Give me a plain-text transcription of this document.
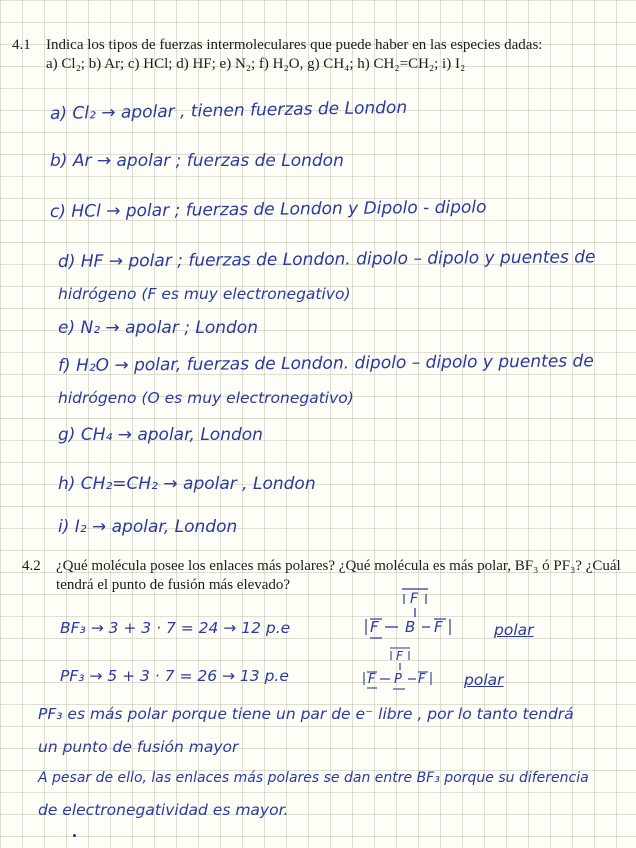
4.1 Indica los tipos de fuerzas intermoleculares que puede haber en las especies dadas:
a) Cl₂; b) Ar; c) HCl; d) HF; e) N₂; f) H₂O, g) CH₄; h) CH₂=CH₂; i) I₂
a) Cl₂ → apolar , tienen fuerzas de London
b) Ar → apolar ; fuerzas de London
c) HCl → polar ; fuerzas de London y Dipolo - dipolo
d) HF → polar ; fuerzas de London. dipolo – dipolo y puentes de
hidrógeno (F es muy electronegativo)
e) N₂ → apolar ; London
f) H₂O → polar, fuerzas de London. dipolo – dipolo y puentes de
hidrógeno (O es muy electronegativo)
g) CH₄ → apolar, London
h) CH₂=CH₂ → apolar , London
i) I₂ → apolar, London
4.2 ¿Qué molécula posee los enlaces más polares? ¿Qué molécula es más polar, BF₃ ó PF₃? ¿Cuál
tendrá el punto de fusión más elevado?
BF₃ → 3 + 3 · 7 = 24 → 12 p.e
F
F B F	polar
PF₃ → 5 + 3 · 7 = 26 → 13 p.e
F
F P F polar
PF₃ es más polar porque tiene un par de e⁻ libre , por lo tanto tendrá
un punto de fusión mayor
A pesar de ello, las enlaces más polares se dan entre BF₃ porque su diferencia
de electronegatividad es mayor.
